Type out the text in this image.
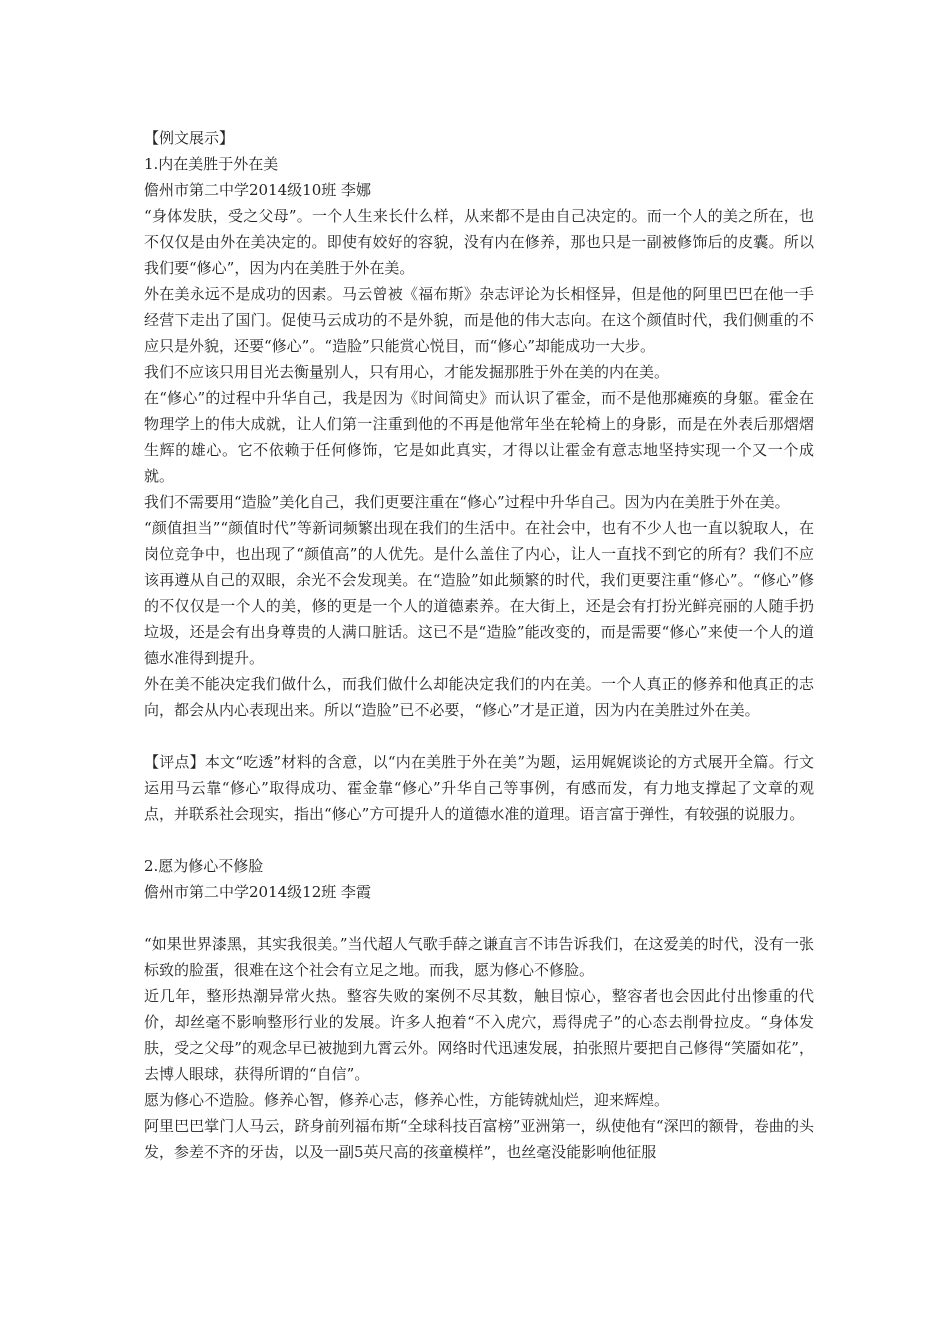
【例文展示】

1.内在美胜于外在美

儋州市第二中学2014级10班 李娜

“身体发肤，受之父母”。一个人生来长什么样，从来都不是由自己决定的。而一个人的美之所在，也不仅仅是由外在美决定的。即使有姣好的容貌，没有内在修养，那也只是一副被修饰后的皮囊。所以我们要“修心”，因为内在美胜于外在美。

外在美永远不是成功的因素。马云曾被《福布斯》杂志评论为长相怪异，但是他的阿里巴巴在他一手经营下走出了国门。促使马云成功的不是外貌，而是他的伟大志向。在这个颜值时代，我们侧重的不应只是外貌，还要“修心”。“造脸”只能赏心悦目，而“修心”却能成功一大步。

我们不应该只用目光去衡量别人，只有用心，才能发掘那胜于外在美的内在美。

在“修心”的过程中升华自己，我是因为《时间简史》而认识了霍金，而不是他那瘫痪的身躯。霍金在物理学上的伟大成就，让人们第一注重到他的不再是他常年坐在轮椅上的身影，而是在外表后那熠熠生辉的雄心。它不依赖于任何修饰，它是如此真实，才得以让霍金有意志地坚持实现一个又一个成就。

我们不需要用“造脸”美化自己，我们更要注重在“修心”过程中升华自己。因为内在美胜于外在美。

“颜值担当”“颜值时代”等新词频繁出现在我们的生活中。在社会中，也有不少人也一直以貌取人，在岗位竞争中，也出现了“颜值高”的人优先。是什么盖住了内心，让人一直找不到它的所有？我们不应该再遵从自己的双眼，余光不会发现美。在“造脸”如此频繁的时代，我们更要注重“修心”。“修心”修的不仅仅是一个人的美，修的更是一个人的道德素养。在大街上，还是会有打扮光鲜亮丽的人随手扔垃圾，还是会有出身尊贵的人满口脏话。这已不是“造脸”能改变的，而是需要“修心”来使一个人的道德水准得到提升。

外在美不能决定我们做什么，而我们做什么却能决定我们的内在美。一个人真正的修养和他真正的志向，都会从内心表现出来。所以“造脸”已不必要，“修心”才是正道，因为内在美胜过外在美。

【评点】本文“吃透”材料的含意，以“内在美胜于外在美”为题，运用娓娓谈论的方式展开全篇。行文运用马云靠“修心”取得成功、霍金靠“修心”升华自己等事例，有感而发，有力地支撑起了文章的观点，并联系社会现实，指出“修心”方可提升人的道德水准的道理。语言富于弹性，有较强的说服力。

2.愿为修心不修脸

儋州市第二中学2014级12班 李霞

“如果世界漆黑，其实我很美。”当代超人气歌手薛之谦直言不讳告诉我们，在这爱美的时代，没有一张标致的脸蛋，很难在这个社会有立足之地。而我，愿为修心不修脸。

近几年，整形热潮异常火热。整容失败的案例不尽其数，触目惊心，整容者也会因此付出惨重的代价，却丝毫不影响整形行业的发展。许多人抱着“不入虎穴，焉得虎子”的心态去削骨拉皮。“身体发肤，受之父母”的观念早已被抛到九霄云外。网络时代迅速发展，拍张照片要把自己修得“笑靥如花”，去博人眼球，获得所谓的“自信”。

愿为修心不造脸。修养心智，修养心志，修养心性，方能铸就灿烂，迎来辉煌。

阿里巴巴掌门人马云，跻身前列福布斯“全球科技百富榜”亚洲第一，纵使他有“深凹的额骨，卷曲的头发，参差不齐的牙齿，以及一副5英尺高的孩童模样”，也丝毫没能影响他征服
